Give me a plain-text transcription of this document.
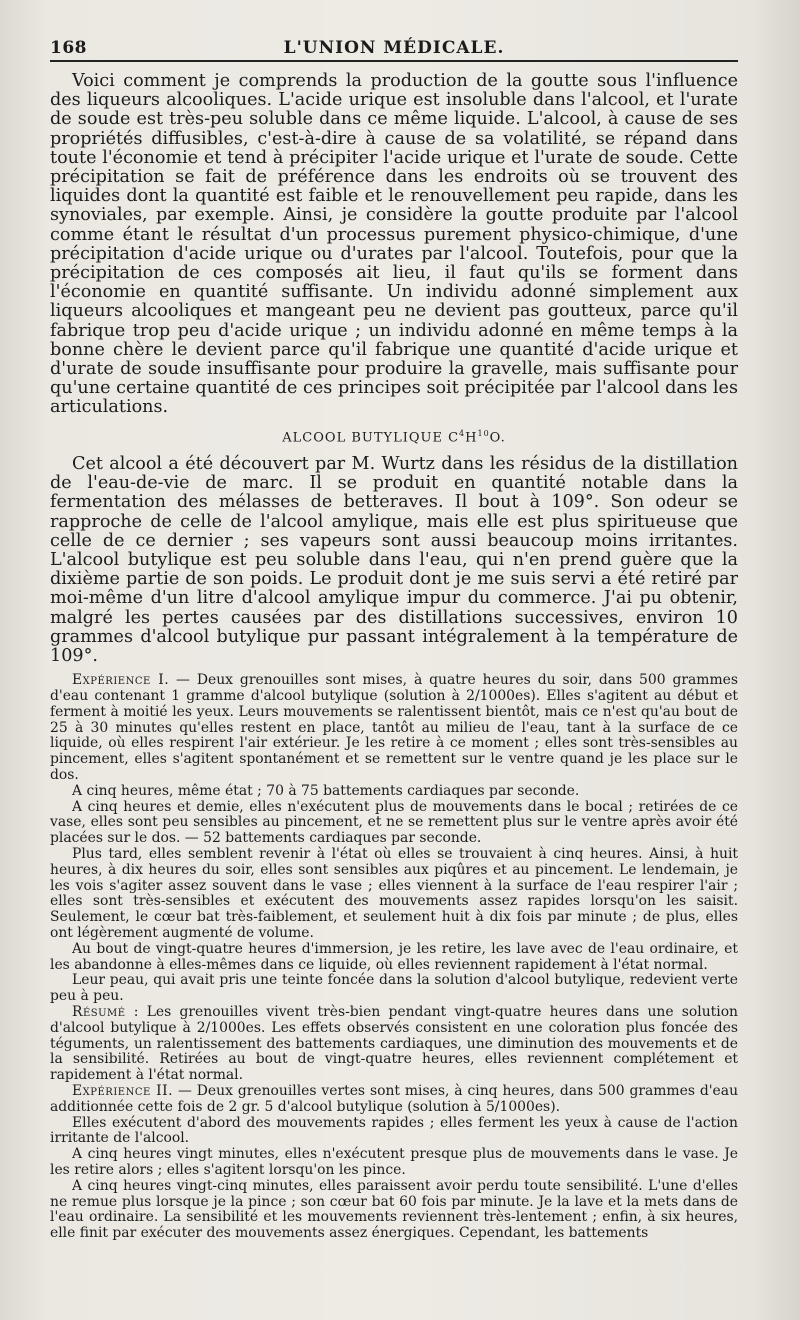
168	L'UNION MÉDICALE.

Voici comment je comprends la production de la goutte sous l'influence des liqueurs alcooliques. L'acide urique est insoluble dans l'alcool, et l'urate de soude est très-peu soluble dans ce même liquide. L'alcool, à cause de ses propriétés diffusibles, c'est-à-dire à cause de sa volatilité, se répand dans toute l'économie et tend à précipiter l'acide urique et l'urate de soude. Cette précipitation se fait de préférence dans les endroits où se trouvent des liquides dont la quantité est faible et le renouvellement peu rapide, dans les synoviales, par exemple. Ainsi, je considère la goutte produite par l'alcool comme étant le résultat d'un processus purement physico-chimique, d'une précipitation d'acide urique ou d'urates par l'alcool. Toutefois, pour que la précipitation de ces composés ait lieu, il faut qu'ils se forment dans l'économie en quantité suffisante. Un individu adonné simplement aux liqueurs alcooliques et mangeant peu ne devient pas goutteux, parce qu'il fabrique trop peu d'acide urique ; un individu adonné en même temps à la bonne chère le devient parce qu'il fabrique une quantité d'acide urique et d'urate de soude insuffisante pour produire la gravelle, mais suffisante pour qu'une certaine quantité de ces principes soit précipitée par l'alcool dans les articulations.

ALCOOL BUTYLIQUE $C^4H^{10}O$.

Cet alcool a été découvert par M. Wurtz dans les résidus de la distillation de l'eau-de-vie de marc. Il se produit en quantité notable dans la fermentation des mélasses de betteraves. Il bout à 109°. Son odeur se rapproche de celle de l'alcool amylique, mais elle est plus spiritueuse que celle de ce dernier ; ses vapeurs sont aussi beaucoup moins irritantes. L'alcool butylique est peu soluble dans l'eau, qui n'en prend guère que la dixième partie de son poids. Le produit dont je me suis servi a été retiré par moi-même d'un litre d'alcool amylique impur du commerce. J'ai pu obtenir, malgré les pertes causées par des distillations successives, environ 10 grammes d'alcool butylique pur passant intégralement à la température de 109°.

Expérience I. — Deux grenouilles sont mises, à quatre heures du soir, dans 500 grammes d'eau contenant 1 gramme d'alcool butylique (solution à 2/1000es). Elles s'agitent au début et ferment à moitié les yeux. Leurs mouvements se ralentissent bientôt, mais ce n'est qu'au bout de 25 à 30 minutes qu'elles restent en place, tantôt au milieu de l'eau, tant à la surface de ce liquide, où elles respirent l'air extérieur. Je les retire à ce moment ; elles sont très-sensibles au pincement, elles s'agitent spontanément et se remettent sur le ventre quand je les place sur le dos.

A cinq heures, même état ; 70 à 75 battements cardiaques par seconde.

A cinq heures et demie, elles n'exécutent plus de mouvements dans le bocal ; retirées de ce vase, elles sont peu sensibles au pincement, et ne se remettent plus sur le ventre après avoir été placées sur le dos. — 52 battements cardiaques par seconde.

Plus tard, elles semblent revenir à l'état où elles se trouvaient à cinq heures. Ainsi, à huit heures, à dix heures du soir, elles sont sensibles aux piqûres et au pincement. Le lendemain, je les vois s'agiter assez souvent dans le vase ; elles viennent à la surface de l'eau respirer l'air ; elles sont très-sensibles et exécutent des mouvements assez rapides lorsqu'on les saisit. Seulement, le cœur bat très-faiblement, et seulement huit à dix fois par minute ; de plus, elles ont légèrement augmenté de volume.

Au bout de vingt-quatre heures d'immersion, je les retire, les lave avec de l'eau ordinaire, et les abandonne à elles-mêmes dans ce liquide, où elles reviennent rapidement à l'état normal.

Leur peau, qui avait pris une teinte foncée dans la solution d'alcool butylique, redevient verte peu à peu.

Résumé : Les grenouilles vivent très-bien pendant vingt-quatre heures dans une solution d'alcool butylique à 2/1000es. Les effets observés consistent en une coloration plus foncée des téguments, un ralentissement des battements cardiaques, une diminution des mouvements et de la sensibilité. Retirées au bout de vingt-quatre heures, elles reviennent complétement et rapidement à l'état normal.

Expérience II. — Deux grenouilles vertes sont mises, à cinq heures, dans 500 grammes d'eau additionnée cette fois de 2 gr. 5 d'alcool butylique (solution à 5/1000es).

Elles exécutent d'abord des mouvements rapides ; elles ferment les yeux à cause de l'action irritante de l'alcool.

A cinq heures vingt minutes, elles n'exécutent presque plus de mouvements dans le vase. Je les retire alors ; elles s'agitent lorsqu'on les pince.

A cinq heures vingt-cinq minutes, elles paraissent avoir perdu toute sensibilité. L'une d'elles ne remue plus lorsque je la pince ; son cœur bat 60 fois par minute. Je la lave et la mets dans de l'eau ordinaire. La sensibilité et les mouvements reviennent très-lentement ; enfin, à six heures, elle finit par exécuter des mouvements assez énergiques. Cependant, les battements
